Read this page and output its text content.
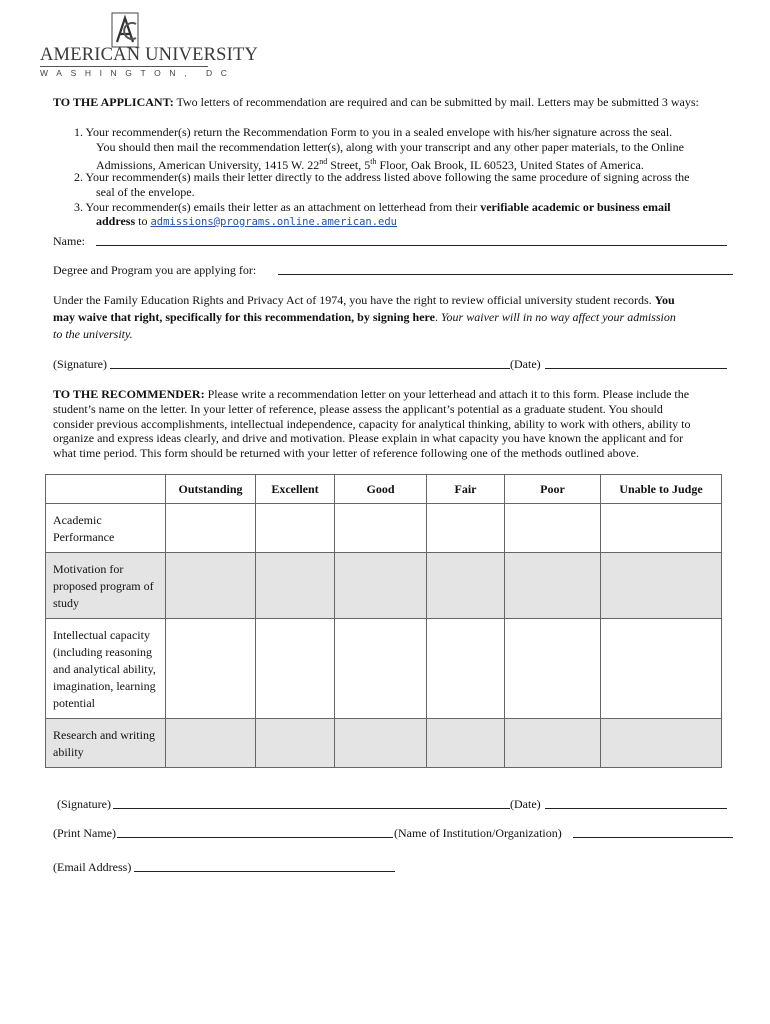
AMERICAN UNIVERSITY
WASHINGTON, DC
TO THE APPLICANT: Two letters of recommendation are required and can be submitted by mail. Letters may be submitted 3 ways:
1. Your recommender(s) return the Recommendation Form to you in a sealed envelope with his/her signature across the seal.
You should then mail the recommendation letter(s), along with your transcript and any other paper materials, to the Online
Admissions, American University, 1415 W. 22nd Street, 5th Floor, Oak Brook, IL 60523, United States of America.
2. Your recommender(s) mails their letter directly to the address listed above following the same procedure of signing across the
seal of the envelope.
3. Your recommender(s) emails their letter as an attachment on letterhead from their verifiable academic or business email
address to admissions@programs.online.american.edu
Name:
Degree and Program you are applying for:
Under the Family Education Rights and Privacy Act of 1974, you have the right to review official university student records. You
may waive that right, specifically for this recommendation, by signing here. Your waiver will in no way affect your admission
to the university.
(Signature)	(Date)
TO THE RECOMMENDER: Please write a recommendation letter on your letterhead and attach it to this form. Please include the
student’s name on the letter. In your letter of reference, please assess the applicant’s potential as a graduate student. You should
consider previous accomplishments, intellectual independence, capacity for analytical thinking, ability to work with others, ability to
organize and express ideas clearly, and drive and motivation. Please explain in what capacity you have known the applicant and for
what time period. This form should be returned with your letter of reference following one of the methods outlined above.
	Outstanding	Excellent	Good	Fair	Poor	Unable to Judge
Academic Performance						
Motivation for proposed program of study						
Intellectual capacity (including reasoning and analytical ability, imagination, learning potential						
Research and writing ability						
(Signature)	(Date)
(Print Name)	(Name of Institution/Organization)
(Email Address)
